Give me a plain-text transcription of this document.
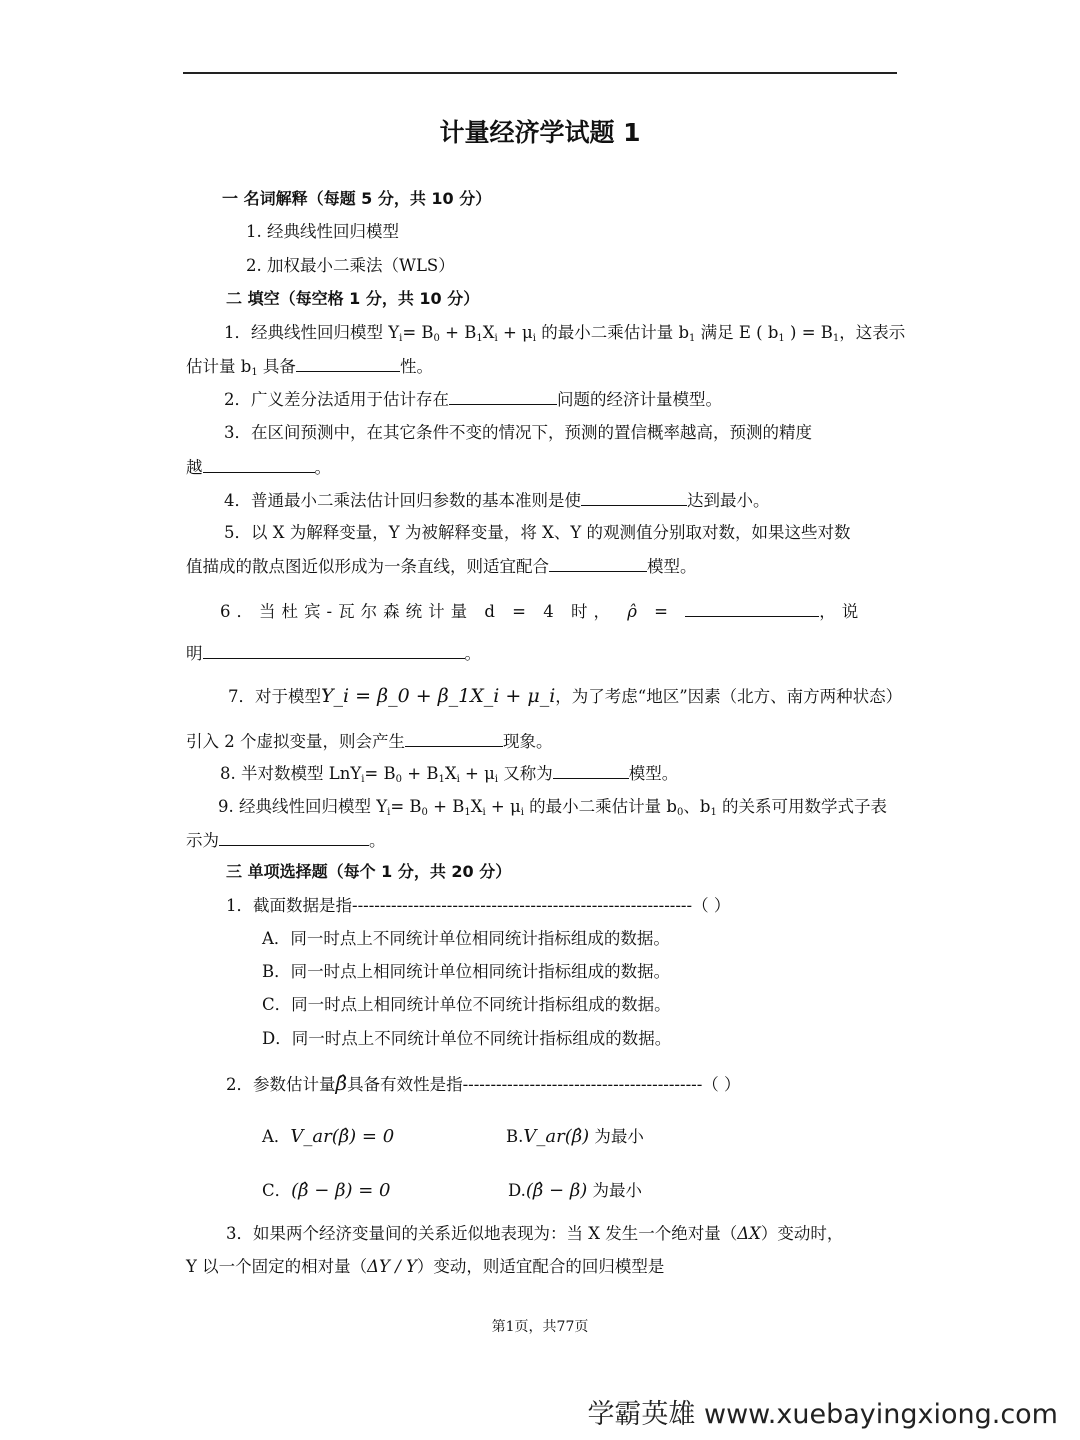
计量经济学试题 1
一 名词解释（每题 5 分，共 10 分）
1. 经典线性回归模型
2. 加权最小二乘法（WLS）
二 填空（每空格 1 分，共 10 分）
1．经典线性回归模型 $Y_i= B_0 + B_1X_i + \mu_i$ 的最小二乘估计量 $b_1$ 满足 E ( $b_1$ ) = $B_1$，这表示
估计量 $b_1$ 具备	性。
2．广义差分法适用于估计存在	问题的经济计量模型。
3．在区间预测中，在其它条件不变的情况下，预测的置信概率越高，预测的精度
越	。
4．普通最小二乘法估计回归参数的基本准则是使	达到最小。
5．以 X 为解释变量，Y 为被解释变量，将 X、Y 的观测值分别取对数，如果这些对数
值描成的散点图近似形成为一条直线，则适宜配合	模型。
6．当杜宾-瓦尔森统计量 d = 4 时， ρ̂ =	，说
明	。
7．对于模型Y_i = β_0 + β_1X_i + μ_i，为了考虑“地区”因素（北方、南方两种状态）
引入 2 个虚拟变量，则会产生	现象。
8. 半对数模型 $LnY_i= B_0 + B_1X_i + \mu_i$ 又称为	模型。
9. 经典线性回归模型 $Y_i= B_0 + B_1X_i + \mu_i$ 的最小二乘估计量 $b_0$、$b_1$ 的关系可用数学式子表
示为	。
三 单项选择题（每个 1 分，共 20 分）
1．截面数据是指-------------------------------------------------------------（ ）
A．同一时点上不同统计单位相同统计指标组成的数据。
B．同一时点上相同统计单位相同统计指标组成的数据。
C．同一时点上相同统计单位不同统计指标组成的数据。
D．同一时点上不同统计单位不同统计指标组成的数据。
2．参数估计量β̂具备有效性是指-------------------------------------------（ ）
A．V_ar(β̂) = 0	B.V_ar(β̂) 为最小
C．(β̂ − β) = 0	D.(β̂ − β) 为最小
3．如果两个经济变量间的关系近似地表现为：当 X 发生一个绝对量（ΔX）变动时，
Y 以一个固定的相对量（ΔY / Y）变动，则适宜配合的回归模型是
第1页，共77页
学霸英雄 www.xuebayingxiong.com
